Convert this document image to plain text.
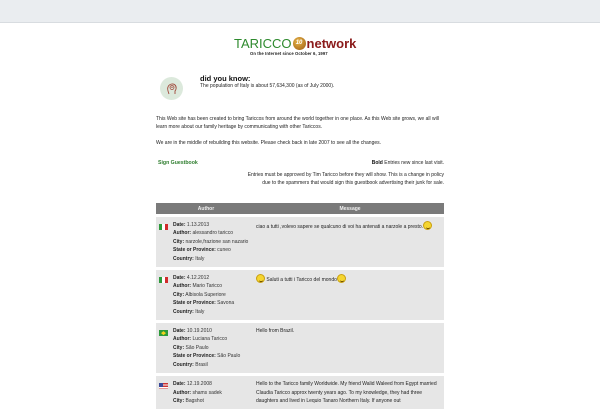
TARICCO 10 network
On the Internet since October 6, 1997
did you know:
The population of Italy is about 57,634,300 (as of July 2000).
This Web site has been created to bring Tariccos from around the world together in one place. As this Web site grows, we all will learn more about our family heritage by communicating with other Tariccos.
We are in the middle of rebuilding this website. Please check back in late 2007 to see all the changes.
Sign Guestbook	Bold Entries new since last visit.
Entries must be approved by Tim Taricco before they will show. This is a change in policy due to the spammers that would sign this guestbook advertising their junk for sale.
Author	Message
Date: 1.13.2013
Author: alessandro taricco
City: narzole,frazione san nazario
State or Province: cuneo
Country: Italy
ciao a tutti ,volevo sapere se qualcuno di voi ha antenati a narzole a presto.
Date: 4.12.2012
Author: Mario Taricco
City: Albisola Superiore
State or Province: Savona
Country: Italy
Saluti a tutti i Taricco del mondo
Date: 10.19.2010
Author: Luciana Taricco
City: São Paulo
State or Province: São Paulo
Country: Brasil
Hello from Brazil.
Date: 12.19.2008
Author: shams sadek
City: Bagshot
Hello to the Taricco family Worldwide. My friend Walid Waleed from Egypt married Claudia Taricco approx twenty years ago. To my knowledge, they had three daughters and lived in Lequio Tanaro Northern Italy. If anyone out
